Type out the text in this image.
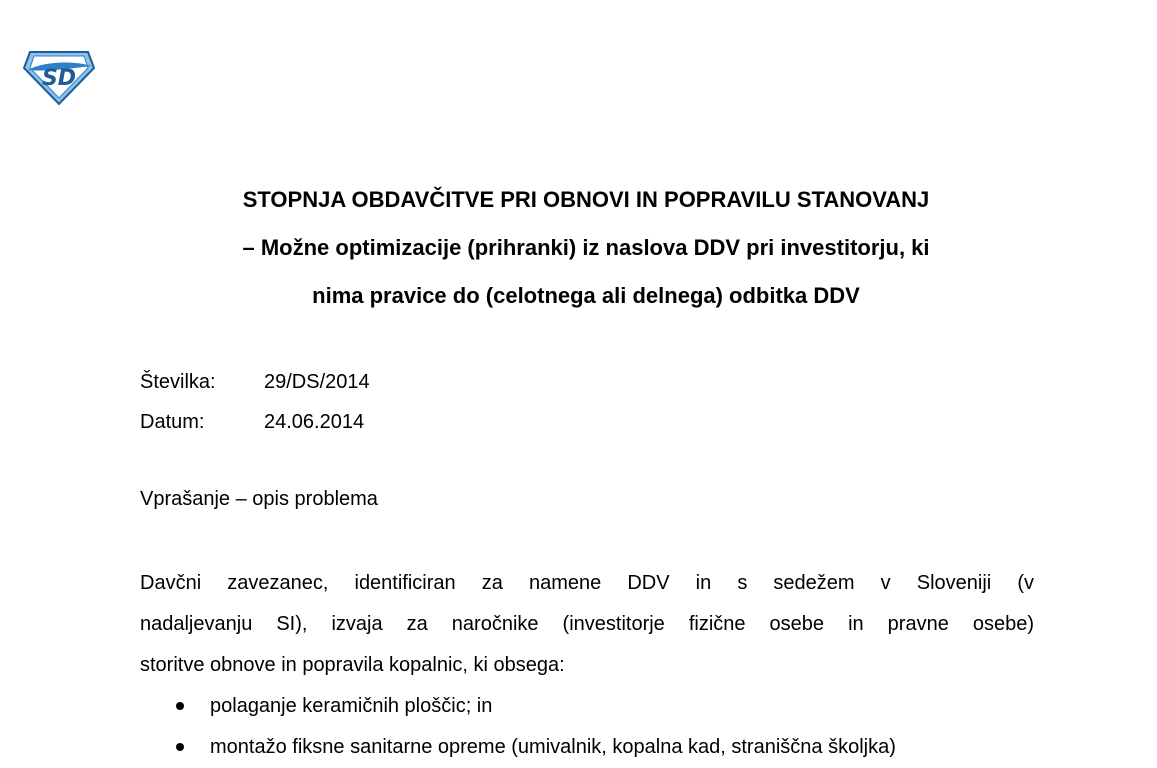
SD
STOPNJA OBDAVČITVE PRI OBNOVI IN POPRAVILU STANOVANJ
– Možne optimizacije (prihranki) iz naslova DDV pri investitorju, ki
nima pravice do (celotnega ali delnega) odbitka DDV
Številka:	29/DS/2014
Datum:	24.06.2014
Vprašanje – opis problema
Davčni zavezanec, identificiran za namene DDV in s sedežem v Sloveniji (v
nadaljevanju SI), izvaja za naročnike (investitorje fizične osebe in pravne osebe)
storitve obnove in popravila kopalnic, ki obsega:
polaganje keramičnih ploščic; in
montažo fiksne sanitarne opreme (umivalnik, kopalna kad, straniščna školjka)
